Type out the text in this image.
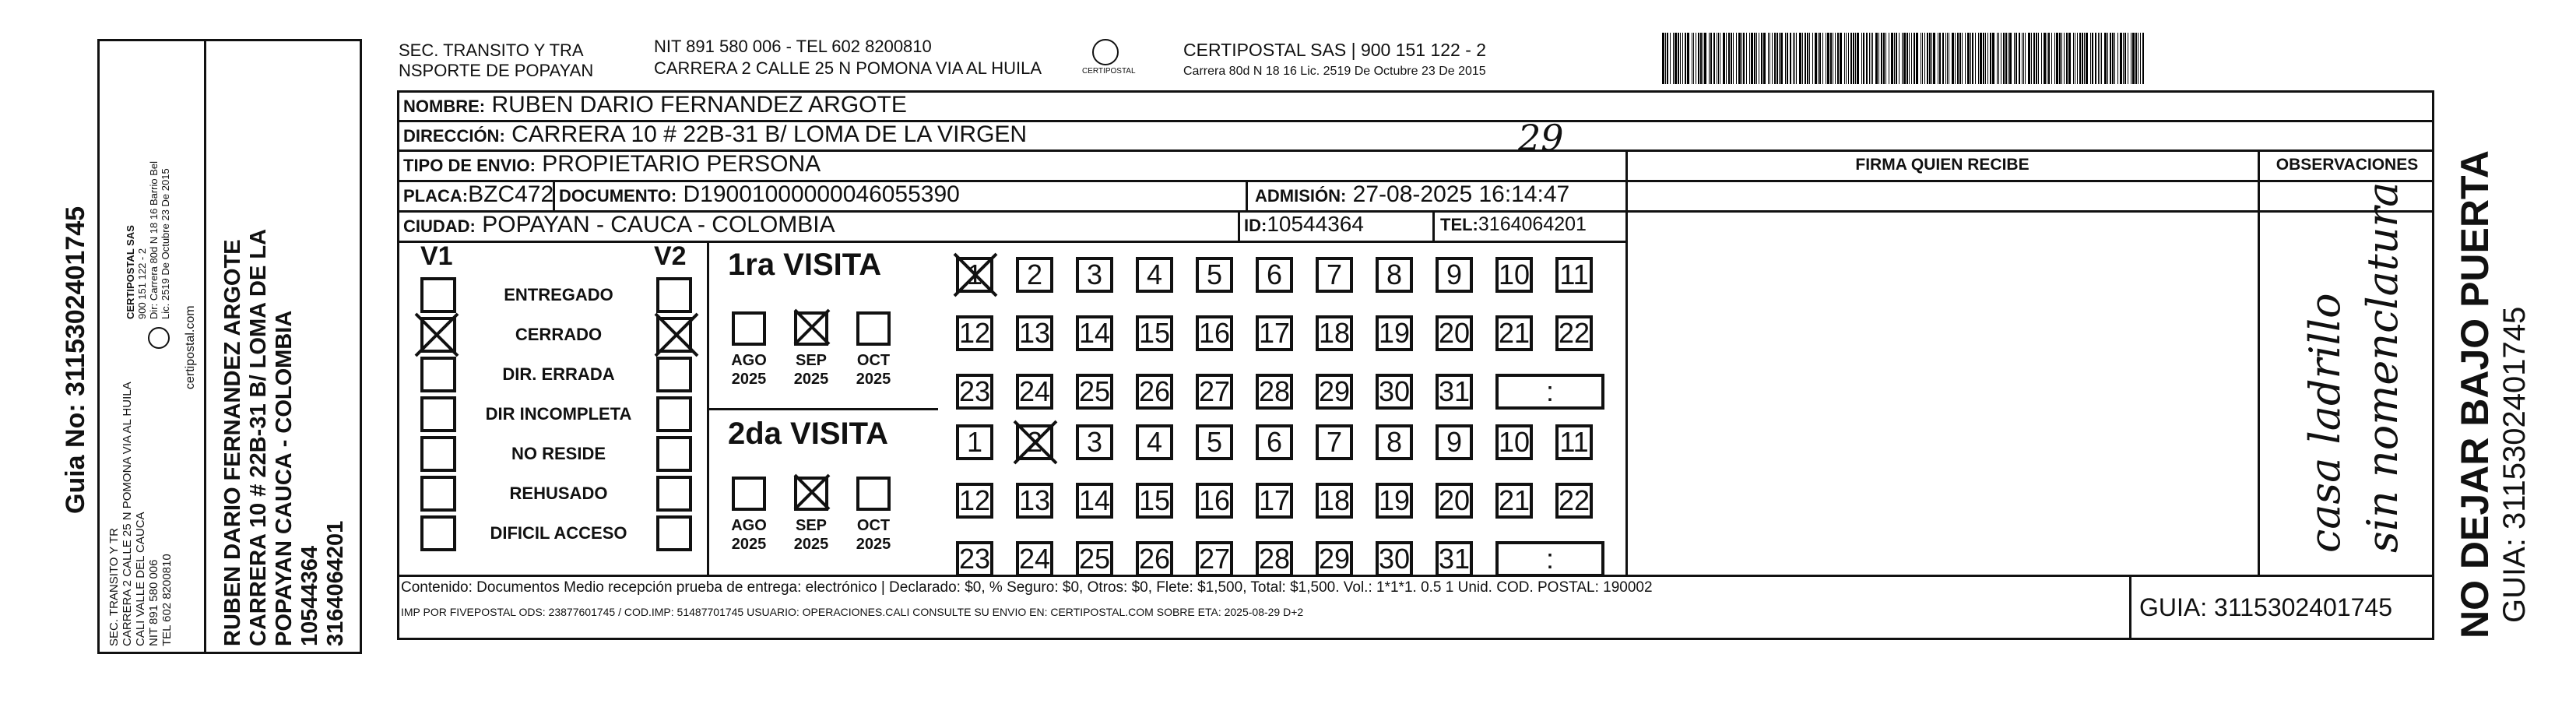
Guia No: 3115302401745
SEC. TRANSITO Y TR CARRERA 2 CALLE 25 N POMONA VIA AL HUILA CALI VALLE DEL CAUCA NIT 891 580 006 TEL 602 8200810
CERTIPOSTAL SAS 900 151 122 - 2 Dir: Carrera 80d N 18 16 Barrio Bel Lic. 2519 De Octubre 23 De 2015
certipostal.com RUBEN DARIO FERNANDEZ ARGOTE CARRERA 10 # 22B-31 B/ LOMA DE LA POPAYAN CAUCA - COLOMBIA 10544364 3164064201
SEC. TRANSITO Y TRA
NSPORTE DE POPAYAN
NIT 891 580 006 - TEL 602 8200810
CARRERA 2 CALLE 25 N POMONA VIA AL HUILA	CERTIPOSTAL
CERTIPOSTAL SAS | 900 151 122 - 2
Carrera 80d N 18 16 Lic. 2519 De Octubre 23 De 2015
NOMBRE: RUBEN DARIO FERNANDEZ ARGOTE
DIRECCIÓN: CARRERA 10 # 22B-31 B/ LOMA DE LA VIRGEN	29
TIPO DE ENVIO: PROPIETARIO PERSONA
PLACA:BZC472 DOCUMENTO: D19001000000046055390	ADMISIÓN: 27-08-2025 16:14:47
CIUDAD: POPAYAN - CAUCA - COLOMBIA	ID:10544364	TEL:3164064201
FIRMA QUIEN RECIBE	OBSERVACIONES
casa ladrillo sin nomenclatura
V1	V2
ENTREGADO
CERRADO
DIR. ERRADA
DIR INCOMPLETA
NO RESIDE
REHUSADO
DIFICIL ACCESO
1ra VISITA
2da VISITA
AGO
2025
SEP
2025
OCT
2025
AGO
2025
SEP
2025
OCT
2025
1	2	3	4	5	6	7	8	9	10 11
12 13 14 15 16 17 18 19 20 21 22
23 24 25 26 27 28 29 30 31	:
1	2	3	4	5	6	7	8	9	10 11
12 13 14 15 16 17 18 19 20 21 22
23 24 25 26 27 28 29 30 31	:
Contenido: Documentos Medio recepción prueba de entrega: electrónico | Declarado: $0, % Seguro: $0, Otros: $0, Flete: $1,500, Total: $1,500. Vol.: 1*1*1. 0.5 1 Unid. COD. POSTAL: 190002
IMP POR FIVEPOSTAL ODS: 23877601745 / COD.IMP: 51487701745 USUARIO: OPERACIONES.CALI CONSULTE SU ENVIO EN: CERTIPOSTAL.COM SOBRE ETA: 2025-08-29 D+2	GUIA: 3115302401745 NO DEJAR BAJO PUERTA GUIA: 3115302401745
